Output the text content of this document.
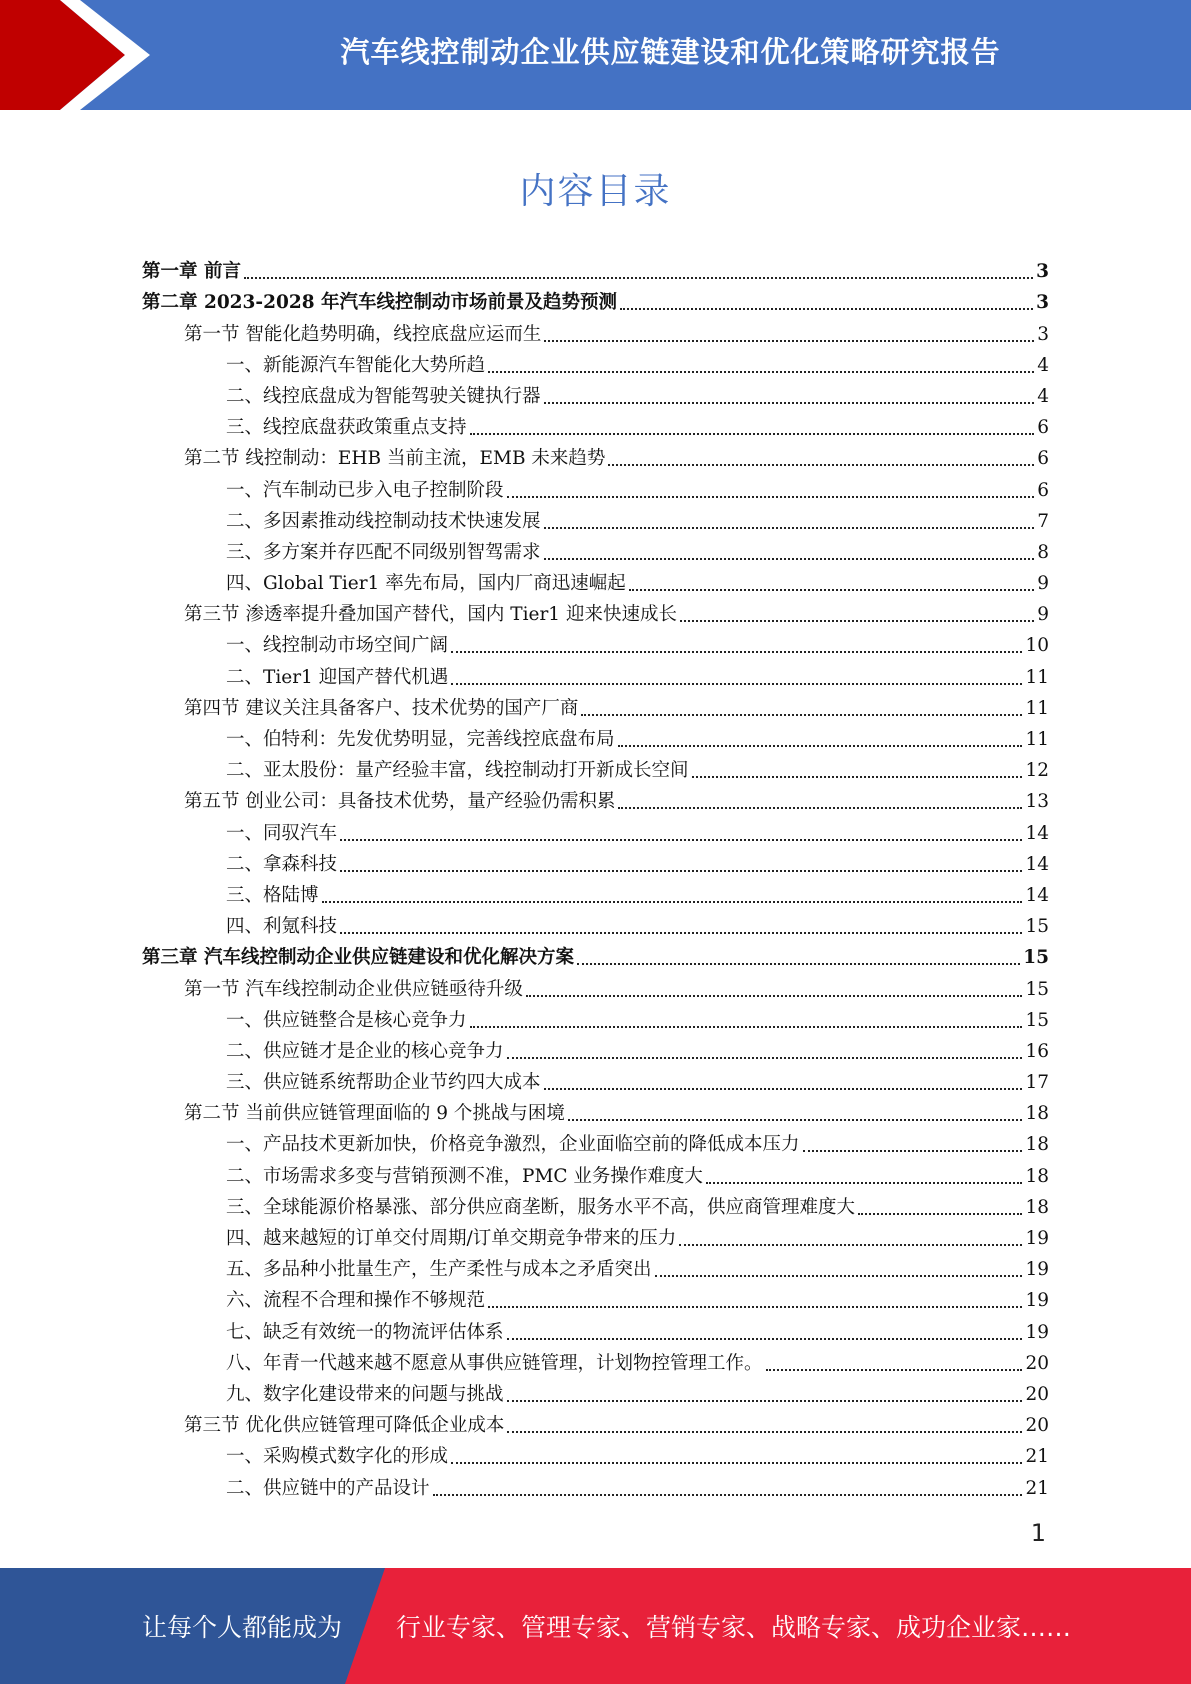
汽车线控制动企业供应链建设和优化策略研究报告
内容目录
第一章 前言	3
第二章 2023-2028 年汽车线控制动市场前景及趋势预测	3
第一节 智能化趋势明确，线控底盘应运而生	3
一、新能源汽车智能化大势所趋	4
二、线控底盘成为智能驾驶关键执行器	4
三、线控底盘获政策重点支持	6
第二节 线控制动：EHB 当前主流，EMB 未来趋势	6
一、汽车制动已步入电子控制阶段	6
二、多因素推动线控制动技术快速发展	7
三、多方案并存匹配不同级别智驾需求	8
四、Global Tier1 率先布局，国内厂商迅速崛起	9
第三节 渗透率提升叠加国产替代，国内 Tier1 迎来快速成长	9
一、线控制动市场空间广阔	10
二、Tier1 迎国产替代机遇	11
第四节 建议关注具备客户、技术优势的国产厂商	11
一、伯特利：先发优势明显，完善线控底盘布局	11
二、亚太股份：量产经验丰富，线控制动打开新成长空间	12
第五节 创业公司：具备技术优势，量产经验仍需积累	13
一、同驭汽车	14
二、拿森科技	14
三、格陆博	14
四、利氪科技	15
第三章 汽车线控制动企业供应链建设和优化解决方案	15
第一节 汽车线控制动企业供应链亟待升级	15
一、供应链整合是核心竞争力	15
二、供应链才是企业的核心竞争力	16
三、供应链系统帮助企业节约四大成本	17
第二节 当前供应链管理面临的 9 个挑战与困境	18
一、产品技术更新加快，价格竞争激烈，企业面临空前的降低成本压力	18
二、市场需求多变与营销预测不准，PMC 业务操作难度大	18
三、全球能源价格暴涨、部分供应商垄断，服务水平不高，供应商管理难度大	18
四、越来越短的订单交付周期/订单交期竞争带来的压力	19
五、多品种小批量生产，生产柔性与成本之矛盾突出	19
六、流程不合理和操作不够规范	19
七、缺乏有效统一的物流评估体系	19
八、年青一代越来越不愿意从事供应链管理，计划物控管理工作。	20
九、数字化建设带来的问题与挑战	20
第三节 优化供应链管理可降低企业成本	20
一、采购模式数字化的形成	21
二、供应链中的产品设计	21
1
让每个人都能成为 行业专家、管理专家、营销专家、战略专家、成功企业家……
